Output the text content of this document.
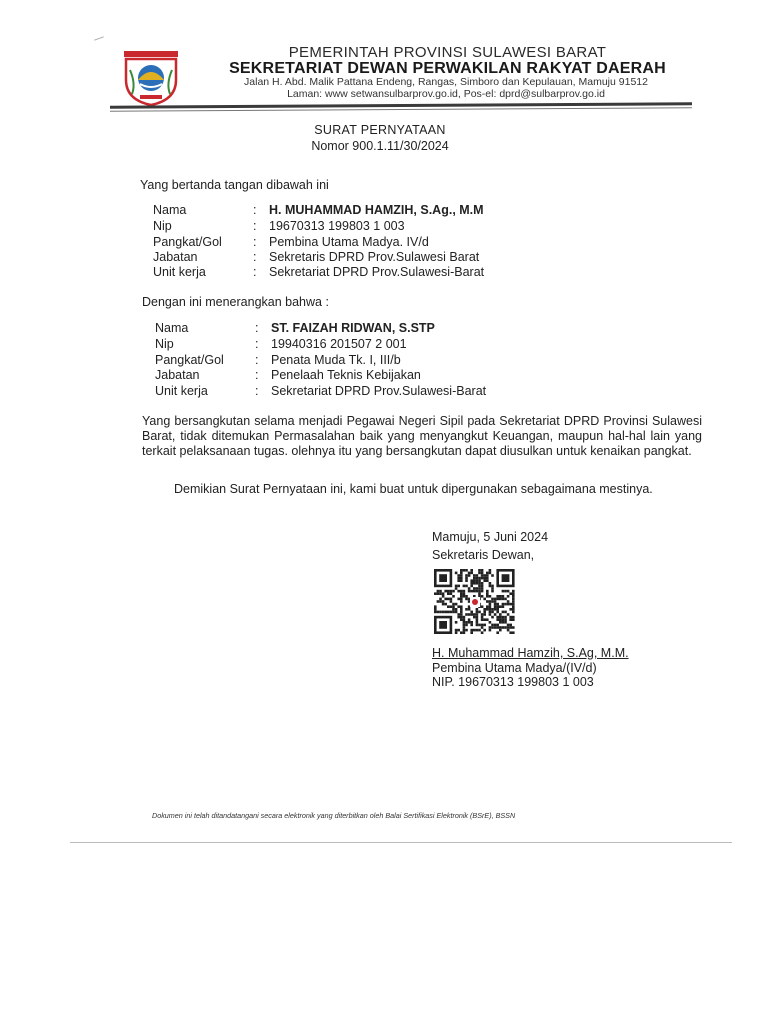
PEMERINTAH PROVINSI SULAWESI BARAT
SEKRETARIAT DEWAN PERWAKILAN RAKYAT DAERAH
Jalan H. Abd. Malik Pattana Endeng, Rangas, Simboro dan Kepulauan, Mamuju 91512
Laman: www setwansulbarprov.go.id, Pos-el: dprd@sulbarprov.go.id
SURAT PERNYATAAN
Nomor 900.1.11/30/2024
Yang bertanda tangan dibawah ini
Nama	: H. MUHAMMAD HAMZIH, S.Ag., M.M
Nip	: 19670313 199803 1 003
Pangkat/Gol : Pembina Utama Madya. IV/d
Jabatan	: Sekretaris DPRD Prov.Sulawesi Barat
Unit kerja	: Sekretariat DPRD Prov.Sulawesi-Barat
Dengan ini menerangkan bahwa :
Nama	: ST. FAIZAH RIDWAN, S.STP
Nip	: 19940316 201507 2 001
Pangkat/Gol : Penata Muda Tk. I, III/b
Jabatan	: Penelaah Teknis Kebijakan
Unit kerja	: Sekretariat DPRD Prov.Sulawesi-Barat
Yang bersangkutan selama menjadi Pegawai Negeri Sipil pada Sekretariat DPRD Provinsi Sulawesi Barat, tidak ditemukan Permasalahan baik yang menyangkut Keuangan, maupun hal-hal lain yang terkait pelaksanaan tugas. olehnya itu yang bersangkutan dapat diusulkan untuk kenaikan pangkat.
Demikian Surat Pernyataan ini, kami buat untuk dipergunakan sebagaimana mestinya.
Mamuju, 5 Juni 2024
Sekretaris Dewan,
H. Muhammad Hamzih, S.Ag, M.M.
Pembina Utama Madya/(IV/d)
NIP. 19670313 199803 1 003
Dokumen ini telah ditandatangani secara elektronik yang diterbitkan oleh Balai Sertifikasi Elektronik (BSrE), BSSN
